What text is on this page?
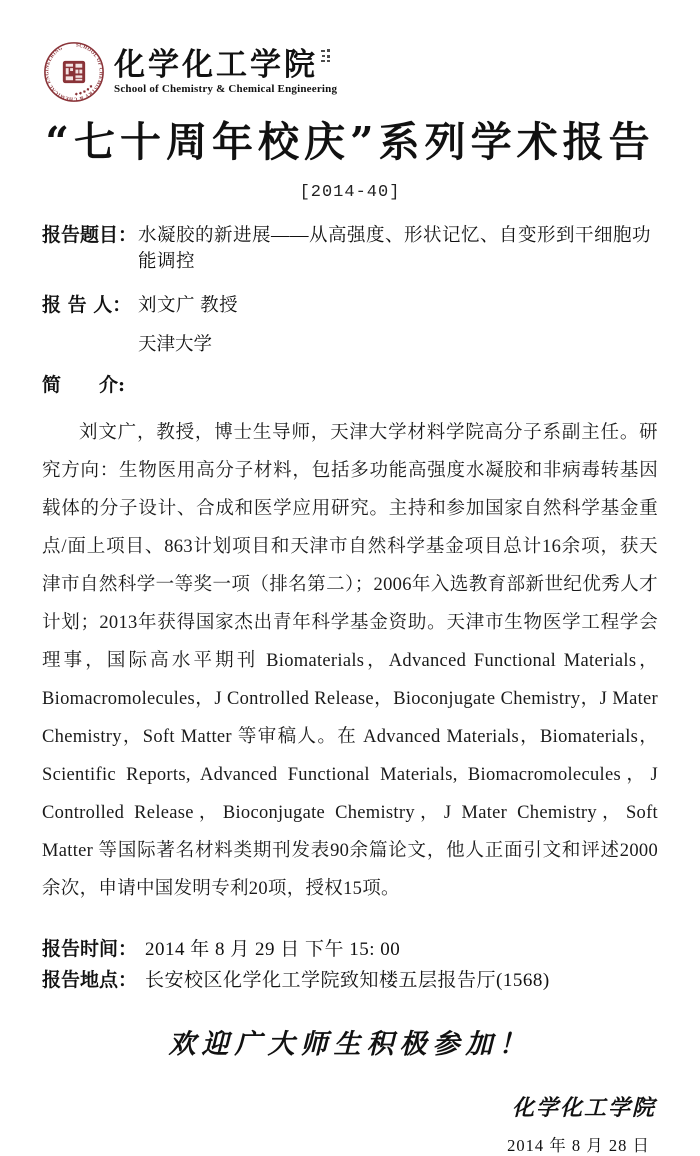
SCHOOL OF CHEMISTRY & CHEMICAL ENGINEERING
◆ ◆ ◆ ◆ ◆
化学化工学院
School of Chemistry & Chemical Engineering
“七十周年校庆”系列学术报告
[2014-40]
报告题目： 水凝胶的新进展——从高强度、形状记忆、自变形到干细胞功能调控
报 告 人： 刘文广 教授
天津大学
简　　介:
刘文广，教授，博士生导师，天津大学材料学院高分子系副主任。研究方向：生物医用高分子材料，包括多功能高强度水凝胶和非病毒转基因载体的分子设计、合成和医学应用研究。主持和参加国家自然科学基金重点/面上项目、863计划项目和天津市自然科学基金项目总计16余项，获天津市自然科学一等奖一项（排名第二）；2006年入选教育部新世纪优秀人才计划；2013年获得国家杰出青年科学基金资助。天津市生物医学工程学会理事，国际高水平期刊 Biomaterials，Advanced Functional Materials，Biomacromolecules，J Controlled Release，Bioconjugate Chemistry，J Mater Chemistry，Soft Matter 等审稿人。在 Advanced Materials，Biomaterials，Scientific Reports, Advanced Functional Materials, Biomacromolecules，J Controlled Release，Bioconjugate Chemistry，J Mater Chemistry，Soft Matter 等国际著名材料类期刊发表90余篇论文，他人正面引文和评述2000余次，申请中国发明专利20项，授权15项。
报告时间： 2014 年 8 月 29 日 下午 15: 00
报告地点： 长安校区化学化工学院致知楼五层报告厅(1568)
欢迎广大师生积极参加！
化学化工学院
2014 年 8 月 28 日
